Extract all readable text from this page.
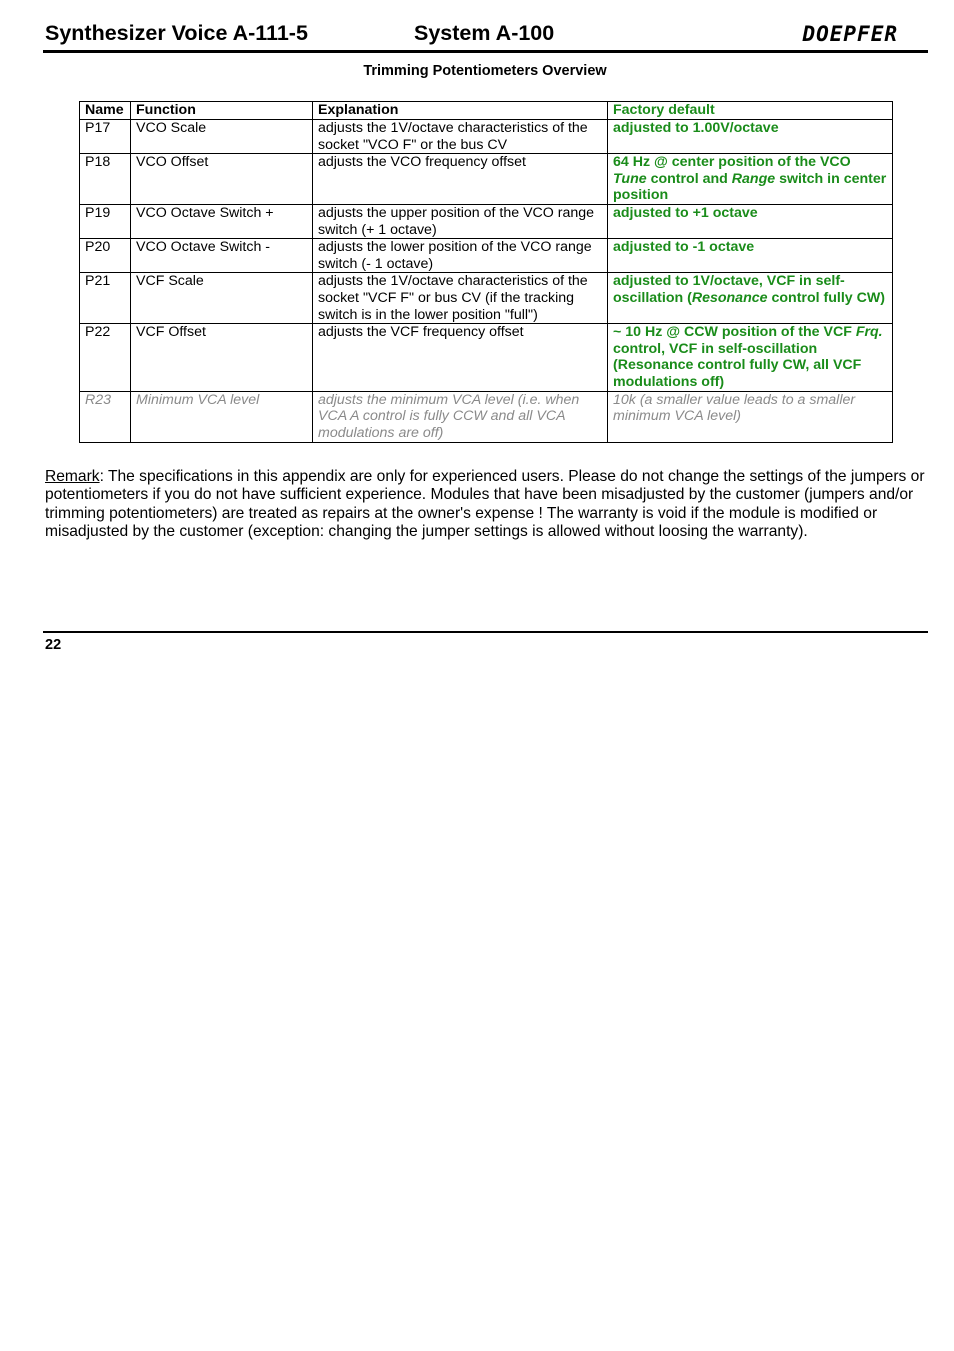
Synthesizer Voice A-111-5	System A-100	DOEPFER
Trimming Potentiometers Overview
Name	Function	Explanation	Factory default
P17	VCO Scale	adjusts the 1V/octave characteristics of the socket "VCO F" or the bus CV	adjusted to 1.00V/octave
P18	VCO Offset	adjusts the VCO frequency offset	64 Hz @ center position of the VCO Tune control and Range switch in center position
P19	VCO Octave Switch +	adjusts the upper position of the VCO range switch (+ 1 octave)	adjusted to +1 octave
P20	VCO Octave Switch -	adjusts the lower position of the VCO range switch (- 1 octave)	adjusted to -1 octave
P21	VCF Scale	adjusts the 1V/octave characteristics of the socket "VCF F" or bus CV (if the tracking switch is in the lower position "full")	adjusted to 1V/octave, VCF in self-oscillation (Resonance control fully CW)
P22	VCF Offset	adjusts the VCF frequency offset	~ 10 Hz @ CCW position of the VCF Frq. control, VCF in self-oscillation (Resonance control fully CW, all VCF modulations off)
R23	Minimum VCA level	adjusts the minimum VCA level (i.e. when VCA A control is fully CCW and all VCA modulations are off)	10k (a smaller value leads to a smaller minimum VCA level)
Remark: The specifications in this appendix are only for experienced users. Please do not change the settings of the jumpers or potentiometers if you do not have sufficient experience. Modules that have been misadjusted by the customer (jumpers and/or trimming potentiometers) are treated as repairs at the owner's expense ! The warranty is void if the module is modified or misadjusted by the customer (exception: changing the jumper settings is allowed without loosing the warranty).
22
